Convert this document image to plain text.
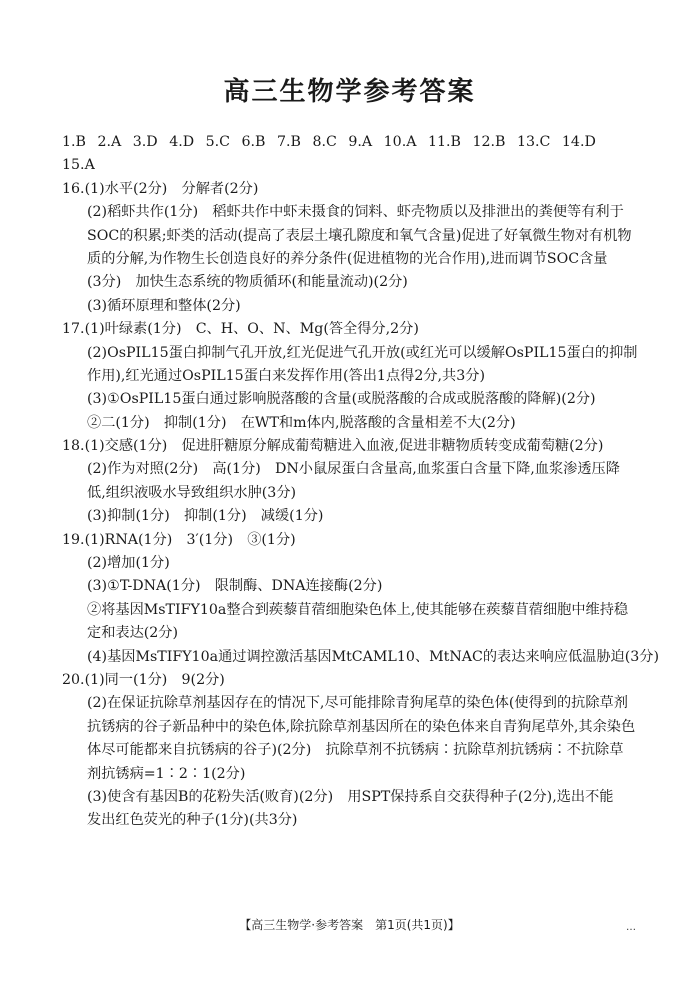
高三生物学参考答案
1.B 2.A 3.D 4.D 5.C 6.B 7.B 8.C 9.A 10.A 11.B 12.B 13.C 14.D
15.A
16.(1)水平(2分)　分解者(2分)
(2)稻虾共作(1分)　稻虾共作中虾未摄食的饲料、虾壳物质以及排泄出的粪便等有利于
SOC的积累;虾类的活动(提高了表层土壤孔隙度和氧气含量)促进了好氧微生物对有机物
质的分解,为作物生长创造良好的养分条件(促进植物的光合作用),进而调节SOC含量
(3分)　加快生态系统的物质循环(和能量流动)(2分)
(3)循环原理和整体(2分)
17.(1)叶绿素(1分)　C、H、O、N、Mg(答全得分,2分)
(2)OsPIL15蛋白抑制气孔开放,红光促进气孔开放(或红光可以缓解OsPIL15蛋白的抑制
作用),红光通过OsPIL15蛋白来发挥作用(答出1点得2分,共3分)
(3)①OsPIL15蛋白通过影响脱落酸的含量(或脱落酸的合成或脱落酸的降解)(2分)
②二(1分)　抑制(1分)　在WT和m体内,脱落酸的含量相差不大(2分)
18.(1)交感(1分)　促进肝糖原分解成葡萄糖进入血液,促进非糖物质转变成葡萄糖(2分)
(2)作为对照(2分)　高(1分)　DN小鼠尿蛋白含量高,血浆蛋白含量下降,血浆渗透压降
低,组织液吸水导致组织水肿(3分)
(3)抑制(1分)　抑制(1分)　减缓(1分)
19.(1)RNA(1分)　3′(1分)　③(1分)
(2)增加(1分)
(3)①T-DNA(1分)　限制酶、DNA连接酶(2分)
②将基因MsTIFY10a整合到蒺藜苜蓿细胞染色体上,使其能够在蒺藜苜蓿细胞中维持稳
定和表达(2分)
(4)基因MsTIFY10a通过调控激活基因MtCAML10、MtNAC的表达来响应低温胁迫(3分)
20.(1)同一(1分)　9(2分)
(2)在保证抗除草剂基因存在的情况下,尽可能排除青狗尾草的染色体(使得到的抗除草剂
抗锈病的谷子新品种中的染色体,除抗除草剂基因所在的染色体来自青狗尾草外,其余染色
体尽可能都来自抗锈病的谷子)(2分)　抗除草剂不抗锈病∶抗除草剂抗锈病∶不抗除草
剂抗锈病=1∶2∶1(2分)
(3)使含有基因B的花粉失活(败育)(2分)　用SPT保持系自交获得种子(2分),选出不能
发出红色荧光的种子(1分)(共3分)
【高三生物学·参考答案　第1页(共1页)】	…
